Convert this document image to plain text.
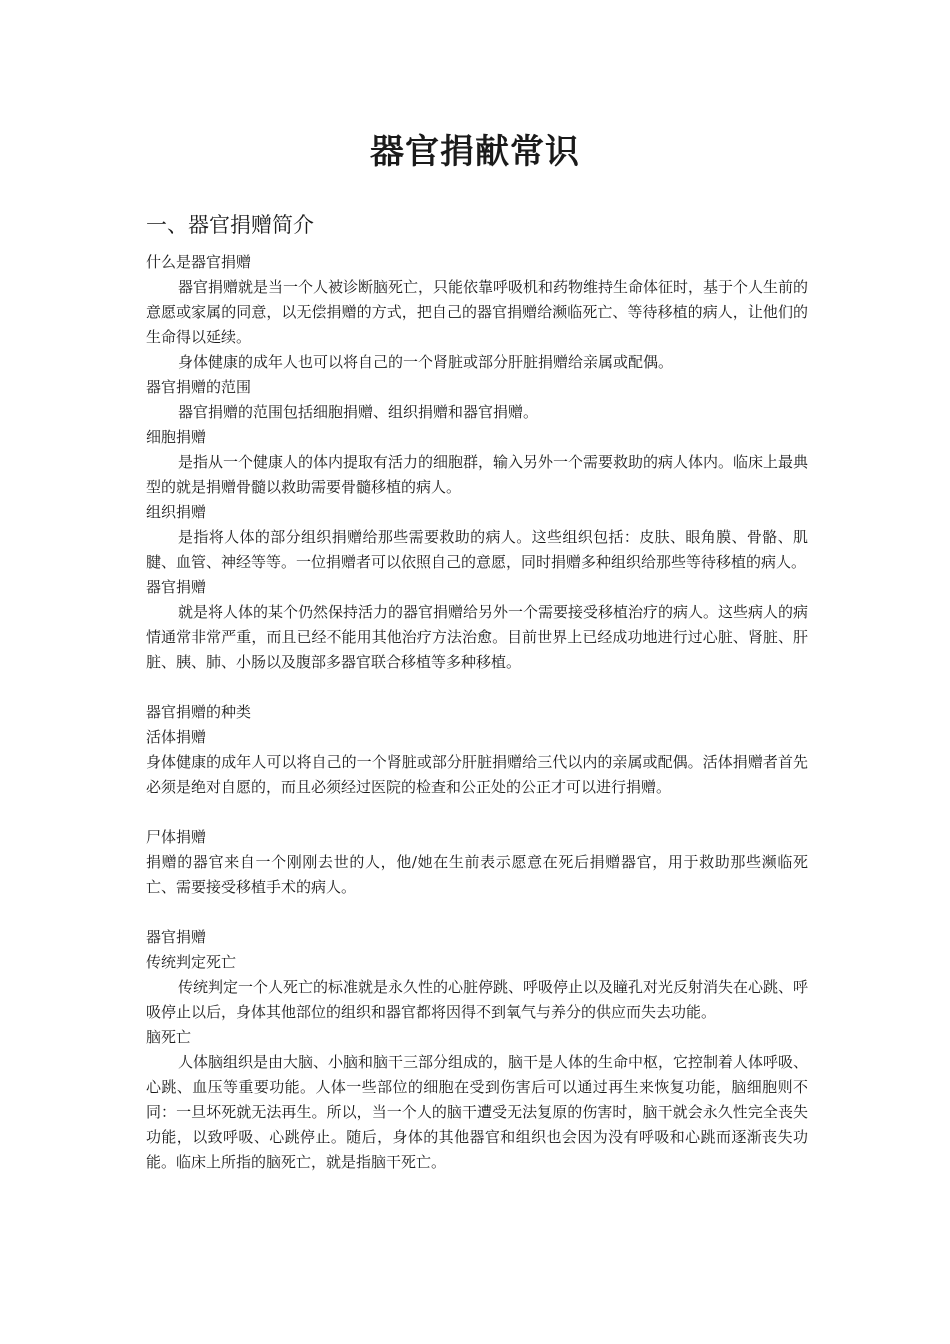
器官捐献常识
一、器官捐赠简介

什么是器官捐赠

器官捐赠就是当一个人被诊断脑死亡，只能依靠呼吸机和药物维持生命体征时，基于个人生前的意愿或家属的同意，以无偿捐赠的方式，把自己的器官捐赠给濒临死亡、等待移植的病人，让他们的生命得以延续。

身体健康的成年人也可以将自己的一个肾脏或部分肝脏捐赠给亲属或配偶。

器官捐赠的范围

器官捐赠的范围包括细胞捐赠、组织捐赠和器官捐赠。

细胞捐赠

是指从一个健康人的体内提取有活力的细胞群，输入另外一个需要救助的病人体内。临床上最典型的就是捐赠骨髓以救助需要骨髓移植的病人。

组织捐赠

是指将人体的部分组织捐赠给那些需要救助的病人。这些组织包括：皮肤、眼角膜、骨骼、肌腱、血管、神经等等。一位捐赠者可以依照自己的意愿，同时捐赠多种组织给那些等待移植的病人。

器官捐赠

就是将人体的某个仍然保持活力的器官捐赠给另外一个需要接受移植治疗的病人。这些病人的病情通常非常严重，而且已经不能用其他治疗方法治愈。目前世界上已经成功地进行过心脏、肾脏、肝脏、胰、肺、小肠以及腹部多器官联合移植等多种移植。

器官捐赠的种类

活体捐赠

身体健康的成年人可以将自己的一个肾脏或部分肝脏捐赠给三代以内的亲属或配偶。活体捐赠者首先必须是绝对自愿的，而且必须经过医院的检查和公正处的公正才可以进行捐赠。

尸体捐赠

捐赠的器官来自一个刚刚去世的人，他/她在生前表示愿意在死后捐赠器官，用于救助那些濒临死亡、需要接受移植手术的病人。

器官捐赠

传统判定死亡

传统判定一个人死亡的标准就是永久性的心脏停跳、呼吸停止以及瞳孔对光反射消失在心跳、呼吸停止以后，身体其他部位的组织和器官都将因得不到氧气与养分的供应而失去功能。

脑死亡

人体脑组织是由大脑、小脑和脑干三部分组成的，脑干是人体的生命中枢，它控制着人体呼吸、心跳、血压等重要功能。人体一些部位的细胞在受到伤害后可以通过再生来恢复功能，脑细胞则不同：一旦坏死就无法再生。所以，当一个人的脑干遭受无法复原的伤害时，脑干就会永久性完全丧失功能，以致呼吸、心跳停止。随后，身体的其他器官和组织也会因为没有呼吸和心跳而逐渐丧失功能。临床上所指的脑死亡，就是指脑干死亡。
